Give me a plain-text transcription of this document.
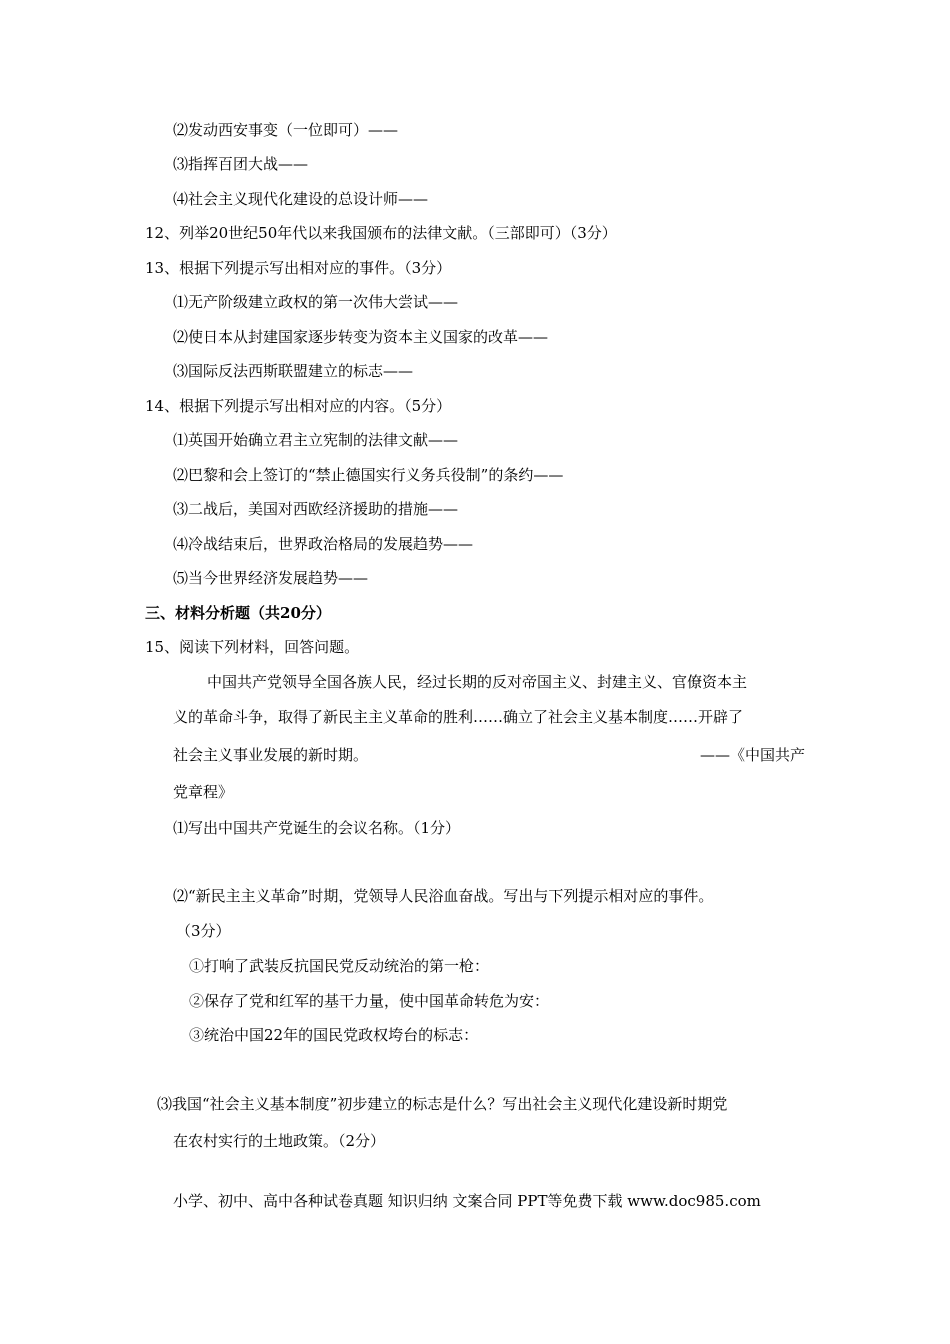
⑵发动西安事变（一位即可）——
⑶指挥百团大战——
⑷社会主义现代化建设的总设计师——
12、列举20世纪50年代以来我国颁布的法律文献。（三部即可）（3分）
13、根据下列提示写出相对应的事件。（3分）
⑴无产阶级建立政权的第一次伟大尝试——
⑵使日本从封建国家逐步转变为资本主义国家的改革——
⑶国际反法西斯联盟建立的标志——
14、根据下列提示写出相对应的内容。（5分）
⑴英国开始确立君主立宪制的法律文献——
⑵巴黎和会上签订的“禁止德国实行义务兵役制”的条约——
⑶二战后，美国对西欧经济援助的措施——
⑷冷战结束后，世界政治格局的发展趋势——
⑸当今世界经济发展趋势——
三、材料分析题（共20分）
15、阅读下列材料，回答问题。
中国共产党领导全国各族人民，经过长期的反对帝国主义、封建主义、官僚资本主
义的革命斗争，取得了新民主主义革命的胜利……确立了社会主义基本制度……开辟了
社会主义事业发展的新时期。	——《中国共产
党章程》
⑴写出中国共产党诞生的会议名称。（1分）
⑵“新民主主义革命”时期，党领导人民浴血奋战。写出与下列提示相对应的事件。
（3分）
①打响了武装反抗国民党反动统治的第一枪：
②保存了党和红军的基干力量，使中国革命转危为安：
③统治中国22年的国民党政权垮台的标志：
⑶我国“社会主义基本制度”初步建立的标志是什么？写出社会主义现代化建设新时期党
在农村实行的土地政策。（2分）
小学、初中、高中各种试卷真题 知识归纳 文案合同 PPT等免费下载 www.doc985.com
